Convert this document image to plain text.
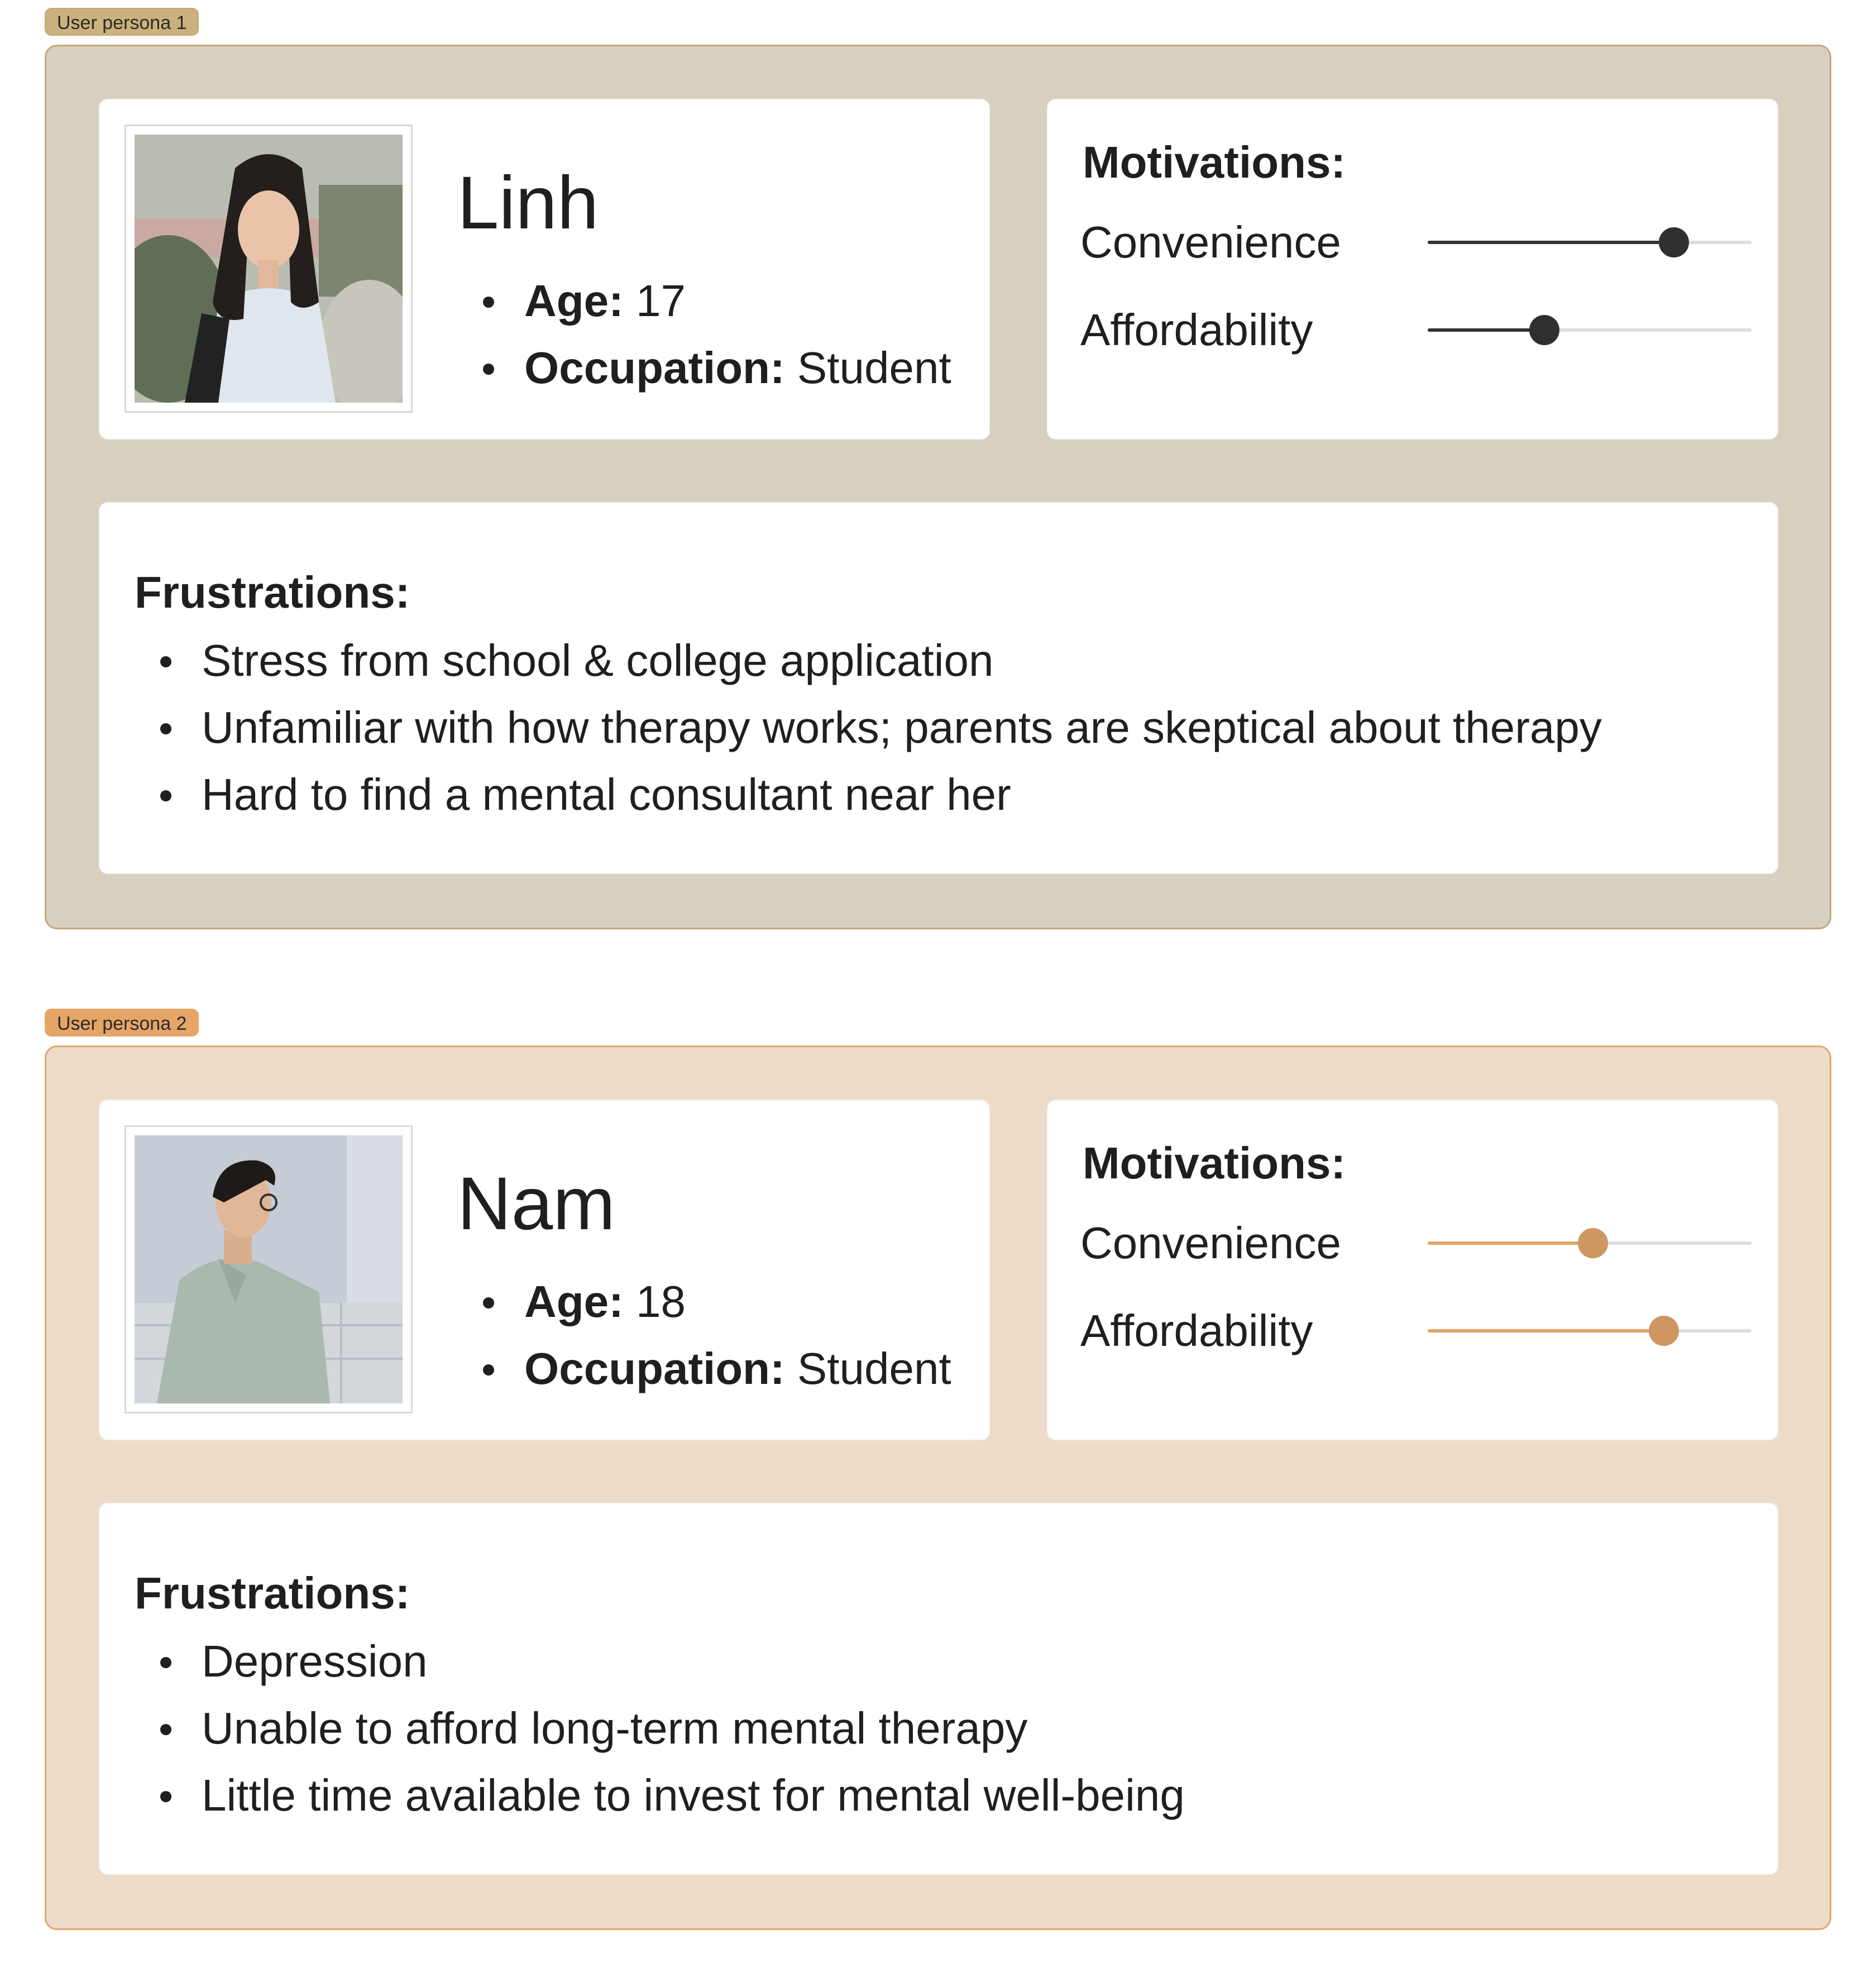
User persona 1
Linh
Age: 17
Occupation: Student
Motivations:
Convenience
Affordability
Frustrations:
Stress from school & college application
Unfamiliar with how therapy works; parents are skeptical about therapy
Hard to find a mental consultant near her
User persona 2
Nam
Age: 18
Occupation: Student
Motivations:
Convenience
Affordability
Frustrations:
Depression
Unable to afford long-term mental therapy
Little time available to invest for mental well-being
